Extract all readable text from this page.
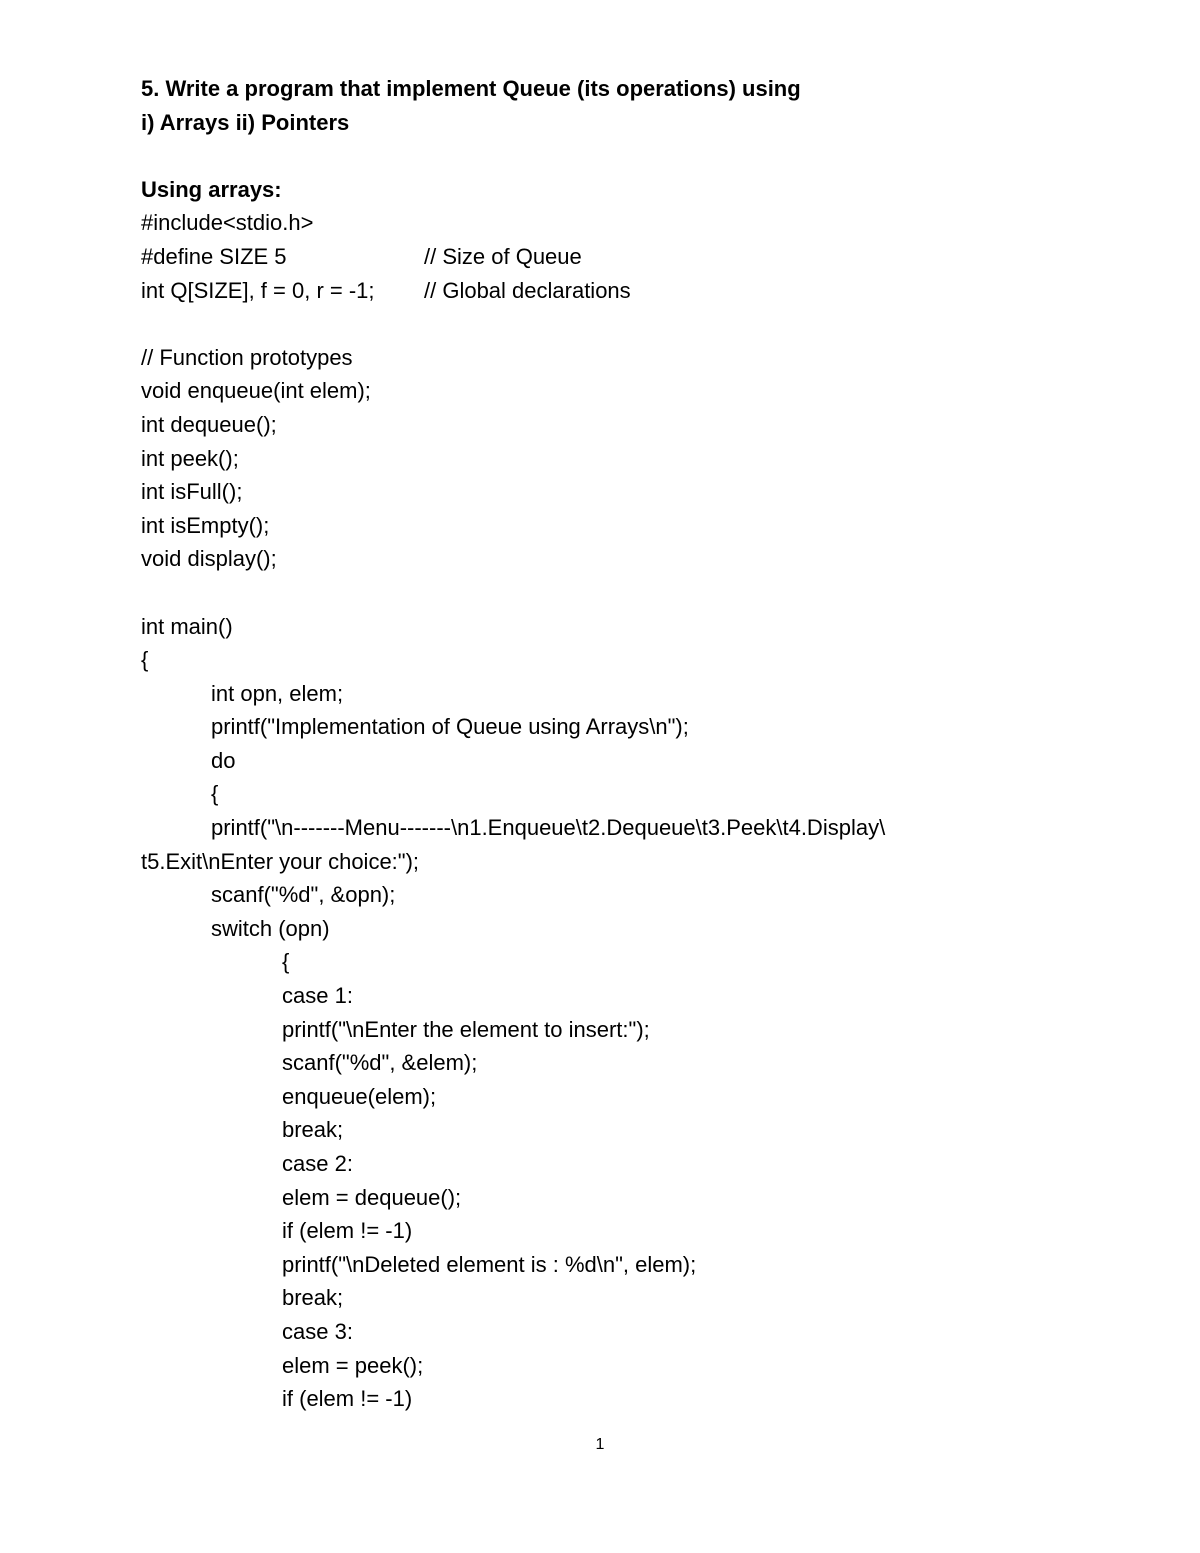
5. Write a program that implement Queue (its operations) using
i) Arrays ii) Pointers
Using arrays:
#include<stdio.h>
#define SIZE 5	// Size of Queue
int Q[SIZE], f = 0, r = -1; // Global declarations
// Function prototypes
void enqueue(int elem);
int dequeue();
int peek();
int isFull();
int isEmpty();
void display();
int main()
{
int opn, elem;
printf("Implementation of Queue using Arrays\n");
do
{
printf("\n-------Menu-------\n1.Enqueue\t2.Dequeue\t3.Peek\t4.Display\
t5.Exit\nEnter your choice:");
scanf("%d", &opn);
switch (opn)
{
case 1:
printf("\nEnter the element to insert:");
scanf("%d", &elem);
enqueue(elem);
break;
case 2:
elem = dequeue();
if (elem != -1)
printf("\nDeleted element is : %d\n", elem);
break;
case 3:
elem = peek();
if (elem != -1)
1
